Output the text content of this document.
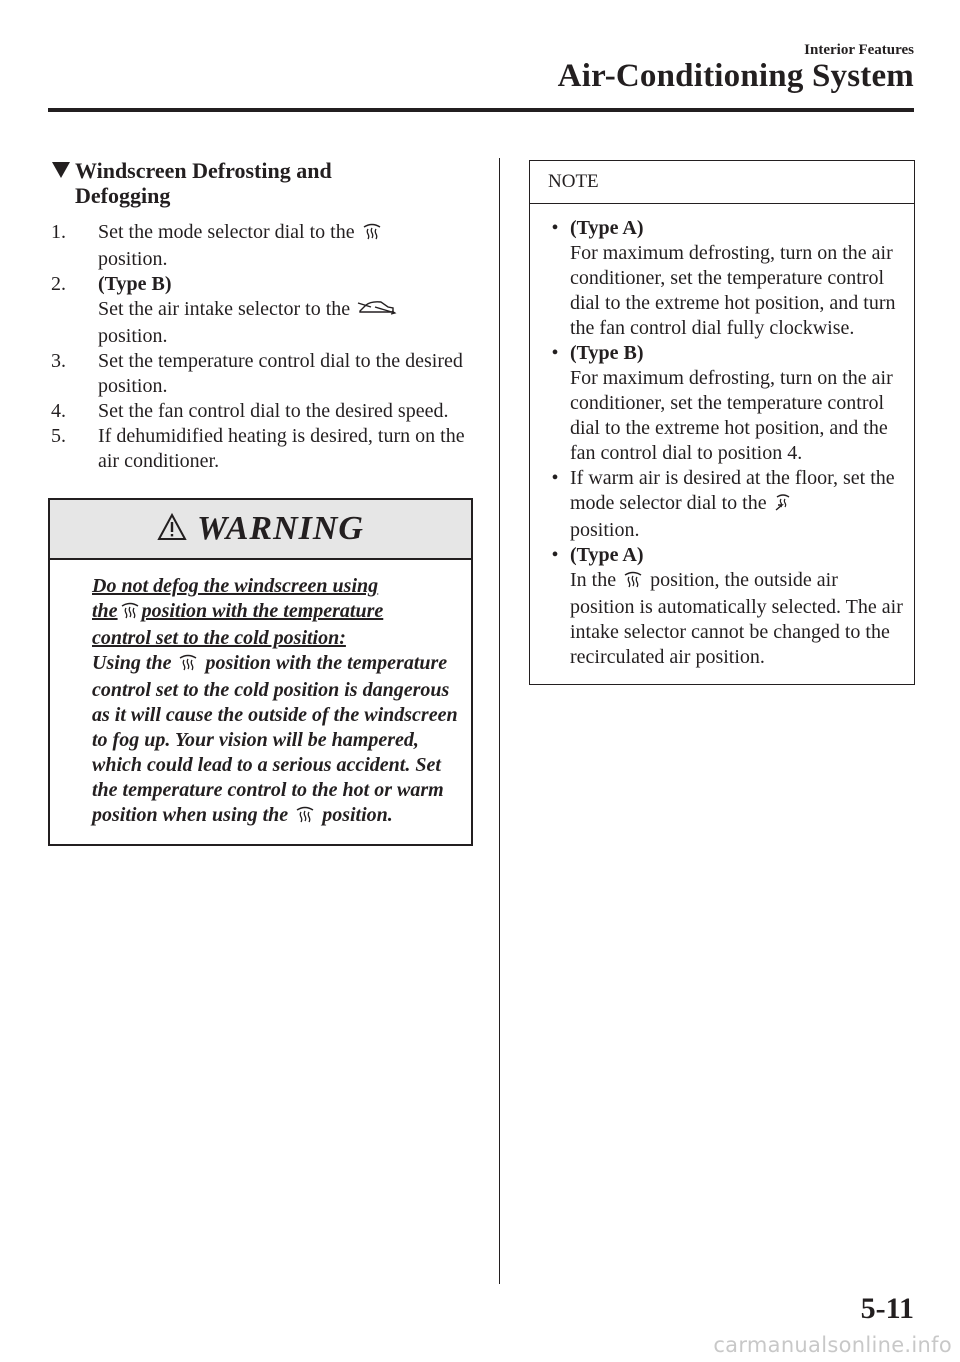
Interior Features
Air-Conditioning System
Windscreen Defrosting and
Defogging
1.	Set the mode selector dial to the
position.
2.	(Type B)
Set the air intake selector to the
position.
3.	Set the temperature control dial to the desired position.
4.	Set the fan control dial to the desired speed.
5.	If dehumidified heating is desired, turn on the air conditioner.
WARNING
Do not defog the windscreen using
the position with the temperature
control set to the cold position:
Using the position with the temperature control set to the cold position is dangerous as it will cause the outside of the windscreen to fog up. Your vision will be hampered, which could lead to a serious accident. Set the temperature control to the hot or warm position when using the position.
NOTE
• (Type A)
For maximum defrosting, turn on the air conditioner, set the temperature control dial to the extreme hot position, and turn the fan control dial fully clockwise.
• (Type B)
For maximum defrosting, turn on the air conditioner, set the temperature control dial to the extreme hot position, and the fan control dial to position 4.
• If warm air is desired at the floor, set the mode selector dial to the
position.
• (Type A)
In the position, the outside air position is automatically selected. The air intake selector cannot be changed to the recirculated air position.
5-11
carmanualsonline.info
